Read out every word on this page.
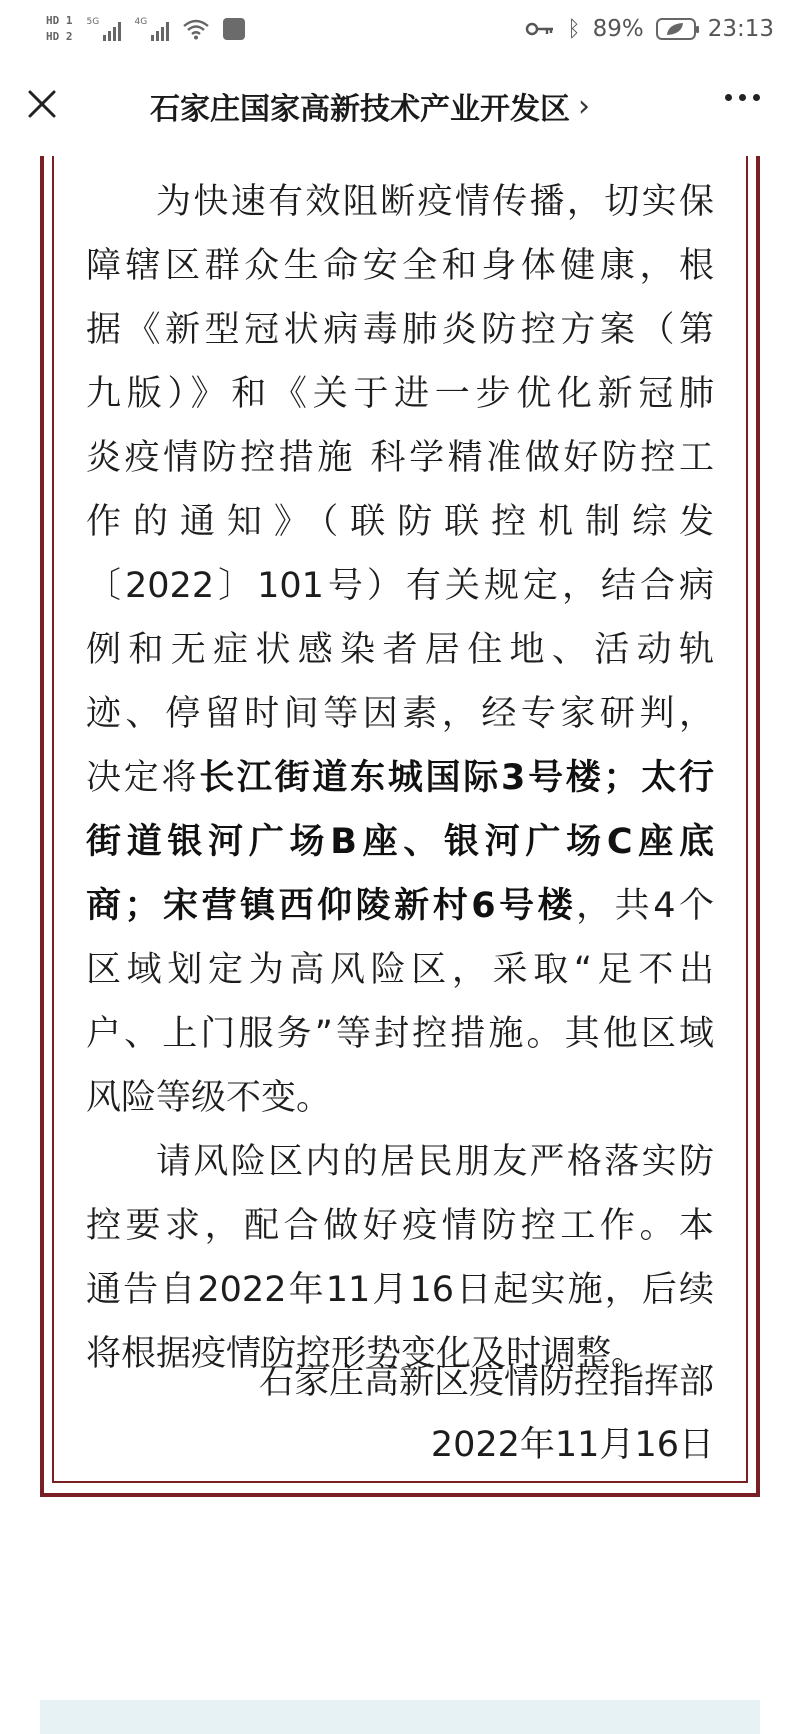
HD 1
HD 2
5G	4G	ᛒ 89%	23:13
石家庄国家高新技术产业开发区 ›
为快速有效阻断疫情传播，切实保
障辖区群众生命安全和身体健康，根
据《新型冠状病毒肺炎防控方案（第
九版）》和《关于进一步优化新冠肺
炎疫情防控措施 科学精准做好防控工
作的通知》（联防联控机制综发
〔2022〕101号）有关规定，结合病
例和无症状感染者居住地、活动轨
迹、停留时间等因素，经专家研判，
决定将长江街道东城国际3号楼；太行
街道银河广场B座、银河广场C座底
商；宋营镇西仰陵新村6号楼，共4个
区域划定为高风险区，采取“足不出
户、上门服务”等封控措施。其他区域
风险等级不变。
请风险区内的居民朋友严格落实防
控要求，配合做好疫情防控工作。本
通告自2022年11月16日起实施，后续
将根据疫情防控形势变化及时调整。
石家庄高新区疫情防控指挥部
2022年11月16日
